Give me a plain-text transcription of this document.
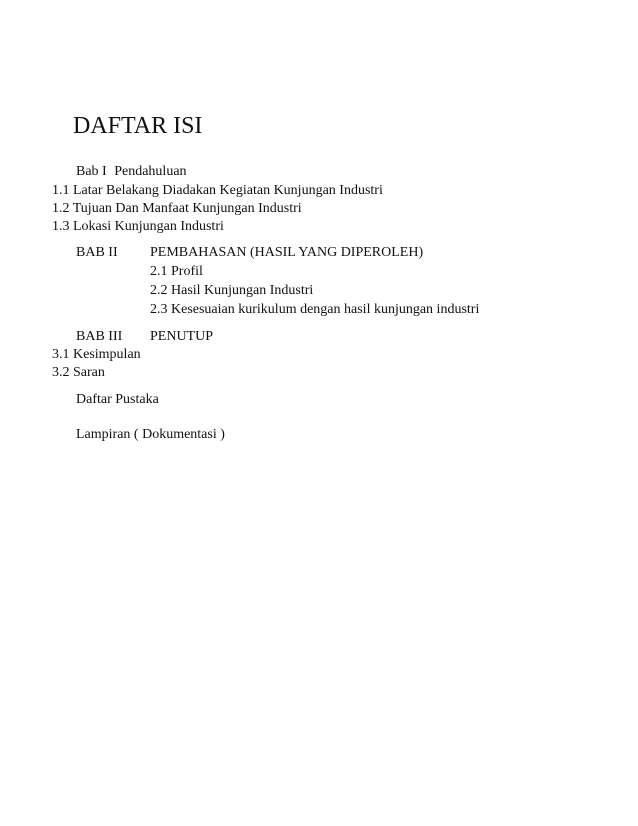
DAFTAR ISI
Bab I Pendahuluan
1.1 Latar Belakang Diadakan Kegiatan Kunjungan Industri
1.2 Tujuan Dan Manfaat Kunjungan Industri
1.3 Lokasi Kunjungan Industri
BAB II PEMBAHASAN (HASIL YANG DIPEROLEH)
2.1 Profil
2.2 Hasil Kunjungan Industri
2.3 Kesesuaian kurikulum dengan hasil kunjungan industri
BAB III PENUTUP
3.1 Kesimpulan
3.2 Saran
Daftar Pustaka
Lampiran ( Dokumentasi )
